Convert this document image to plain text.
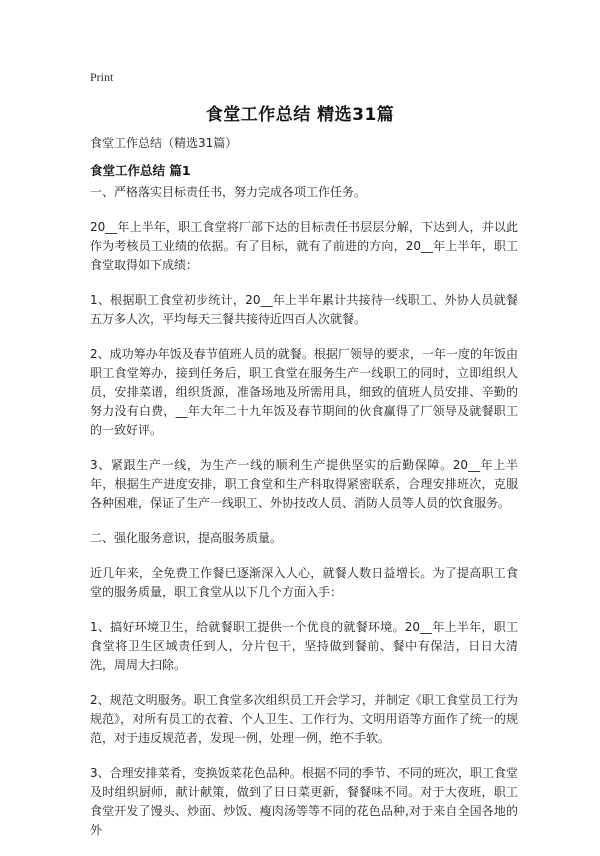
Print
食堂工作总结 精选31篇
食堂工作总结（精选31篇）
食堂工作总结 篇1

一、严格落实目标责任书，努力完成各项工作任务。

20__年上半年，职工食堂将厂部下达的目标责任书层层分解，下达到人，并以此作为考核员工业绩的依据。有了目标，就有了前进的方向，20__年上半年，职工食堂取得如下成绩：

1、根据职工食堂初步统计，20__年上半年累计共接待一线职工、外协人员就餐五万多人次，平均每天三餐共接待近四百人次就餐。

2、成功筹办年饭及春节值班人员的就餐。根据厂领导的要求，一年一度的年饭由职工食堂筹办，接到任务后，职工食堂在服务生产一线职工的同时，立即组织人员，安排菜谱，组织货源，准备场地及所需用具，细致的值班人员安排、辛勤的努力没有白费，__年大年二十九年饭及春节期间的伙食赢得了厂领导及就餐职工的一致好评。

3、紧跟生产一线，为生产一线的顺利生产提供坚实的后勤保障。20__年上半年，根据生产进度安排，职工食堂和生产科取得紧密联系，合理安排班次，克服各种困难，保证了生产一线职工、外协技改人员、消防人员等人员的饮食服务。

二、强化服务意识，提高服务质量。

近几年来，全免费工作餐已逐渐深入人心，就餐人数日益增长。为了提高职工食堂的服务质量，职工食堂从以下几个方面入手：

1、搞好环境卫生，给就餐职工提供一个优良的就餐环境。20__年上半年，职工食堂将卫生区域责任到人，分片包干，坚持做到餐前、餐中有保洁，日日大清洗，周周大扫除。

2、规范文明服务。职工食堂多次组织员工开会学习，并制定《职工食堂员工行为规范》，对所有员工的衣着、个人卫生、工作行为、文明用语等方面作了统一的规范，对于违反规范者，发现一例，处理一例，绝不手软。

3、合理安排菜肴，变换饭菜花色品种。根据不同的季节、不同的班次，职工食堂及时组织厨师，献计献策，做到了日日菜更新，餐餐味不同。对于大夜班，职工食堂开发了馒头、炒面、炒饭、瘦肉汤等等不同的花色品种,对于来自全国各地的外
